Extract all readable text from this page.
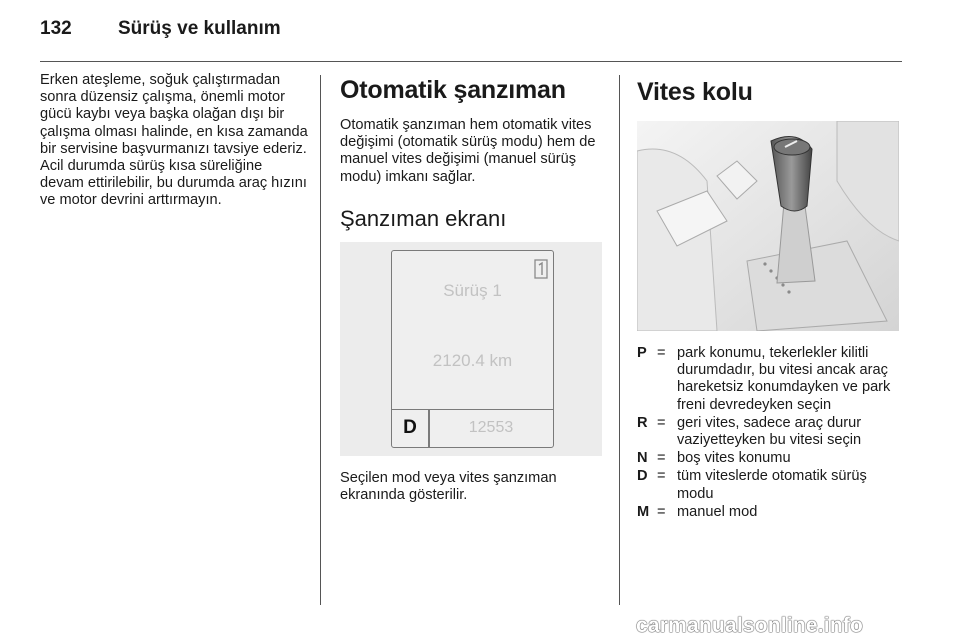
132 Sürüş ve kullanım

Erken ateşleme, soğuk çalıştırmadan sonra düzensiz çalışma, önemli motor gücü kaybı veya başka olağan dışı bir çalışma olması halinde, en kısa zamanda bir servisine başvurmanızı tavsiye ederiz. Acil durumda sürüş kısa süreliğine devam ettirilebilir, bu durumda araç hızını ve motor devrini arttırmayın.

Otomatik şanzıman

Otomatik şanzıman hem otomatik vites değişimi (otomatik sürüş modu) hem de manuel vites değişimi (manuel sürüş modu) imkanı sağlar.

Şanzıman ekranı
Sürüş 1
2120.4 km
D	12553

Seçilen mod veya vites şanzıman ekranında gösterilir.

Vites kolu
P = park konumu, tekerlekler kilitli durumdadır, bu vitesi ancak araç hareketsiz konumdayken ve park freni devredeyken seçin
R = geri vites, sadece araç durur vaziyetteyken bu vitesi seçin
N = boş vites konumu
D = tüm viteslerde otomatik sürüş modu
M = manuel mod
carmanualsonline.info
